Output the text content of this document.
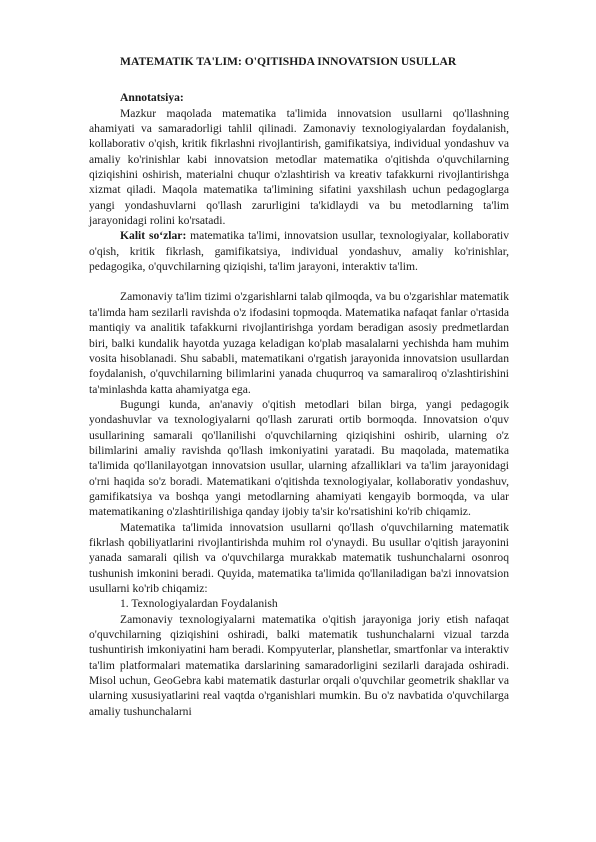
MATEMATIK TA'LIM: O'QITISHDA INNOVATSION USULLAR
Annotatsiya:

Mazkur maqolada matematika ta'limida innovatsion usullarni qo'llashning ahamiyati va samaradorligi tahlil qilinadi. Zamonaviy texnologiyalardan foydalanish, kollaborativ o'qish, kritik fikrlashni rivojlantirish, gamifikatsiya, individual yondashuv va amaliy ko'rinishlar kabi innovatsion metodlar matematika o'qitishda o'quvchilarning qiziqishini oshirish, materialni chuqur o'zlashtirish va kreativ tafakkurni rivojlantirishga xizmat qiladi. Maqola matematika ta'limining sifatini yaxshilash uchun pedagoglarga yangi yondashuvlarni qo'llash zarurligini ta'kidlaydi va bu metodlarning ta'lim jarayonidagi rolini ko'rsatadi.

Kalit so‘zlar: matematika ta'limi, innovatsion usullar, texnologiyalar, kollaborativ o'qish, kritik fikrlash, gamifikatsiya, individual yondashuv, amaliy ko'rinishlar, pedagogika, o'quvchilarning qiziqishi, ta'lim jarayoni, interaktiv ta'lim.

Zamonaviy ta'lim tizimi o'zgarishlarni talab qilmoqda, va bu o'zgarishlar matematik ta'limda ham sezilarli ravishda o'z ifodasini topmoqda. Matematika nafaqat fanlar o'rtasida mantiqiy va analitik tafakkurni rivojlantirishga yordam beradigan asosiy predmetlardan biri, balki kundalik hayotda yuzaga keladigan ko'plab masalalarni yechishda ham muhim vosita hisoblanadi. Shu sababli, matematikani o'rgatish jarayonida innovatsion usullardan foydalanish, o'quvchilarning bilimlarini yanada chuqurroq va samaraliroq o'zlashtirishini ta'minlashda katta ahamiyatga ega.

Bugungi kunda, an'anaviy o'qitish metodlari bilan birga, yangi pedagogik yondashuvlar va texnologiyalarni qo'llash zarurati ortib bormoqda. Innovatsion o'quv usullarining samarali qo'llanilishi o'quvchilarning qiziqishini oshirib, ularning o'z bilimlarini amaliy ravishda qo'llash imkoniyatini yaratadi. Bu maqolada, matematika ta'limida qo'llanilayotgan innovatsion usullar, ularning afzalliklari va ta'lim jarayonidagi o'rni haqida so'z boradi. Matematikani o'qitishda texnologiyalar, kollaborativ yondashuv, gamifikatsiya va boshqa yangi metodlarning ahamiyati kengayib bormoqda, va ular matematikaning o'zlashtirilishiga qanday ijobiy ta'sir ko'rsatishini ko'rib chiqamiz.

Matematika ta'limida innovatsion usullarni qo'llash o'quvchilarning matematik fikrlash qobiliyatlarini rivojlantirishda muhim rol o'ynaydi. Bu usullar o'qitish jarayonini yanada samarali qilish va o'quvchilarga murakkab matematik tushunchalarni osonroq tushunish imkonini beradi. Quyida, matematika ta'limida qo'llaniladigan ba'zi innovatsion usullarni ko'rib chiqamiz:

1. Texnologiyalardan Foydalanish

Zamonaviy texnologiyalarni matematika o'qitish jarayoniga joriy etish nafaqat o'quvchilarning qiziqishini oshiradi, balki matematik tushunchalarni vizual tarzda tushuntirish imkoniyatini ham beradi. Kompyuterlar, planshetlar, smartfonlar va interaktiv ta'lim platformalari matematika darslarining samaradorligini sezilarli darajada oshiradi. Misol uchun, GeoGebra kabi matematik dasturlar orqali o'quvchilar geometrik shakllar va ularning xususiyatlarini real vaqtda o'rganishlari mumkin. Bu o'z navbatida o'quvchilarga amaliy tushunchalarni
